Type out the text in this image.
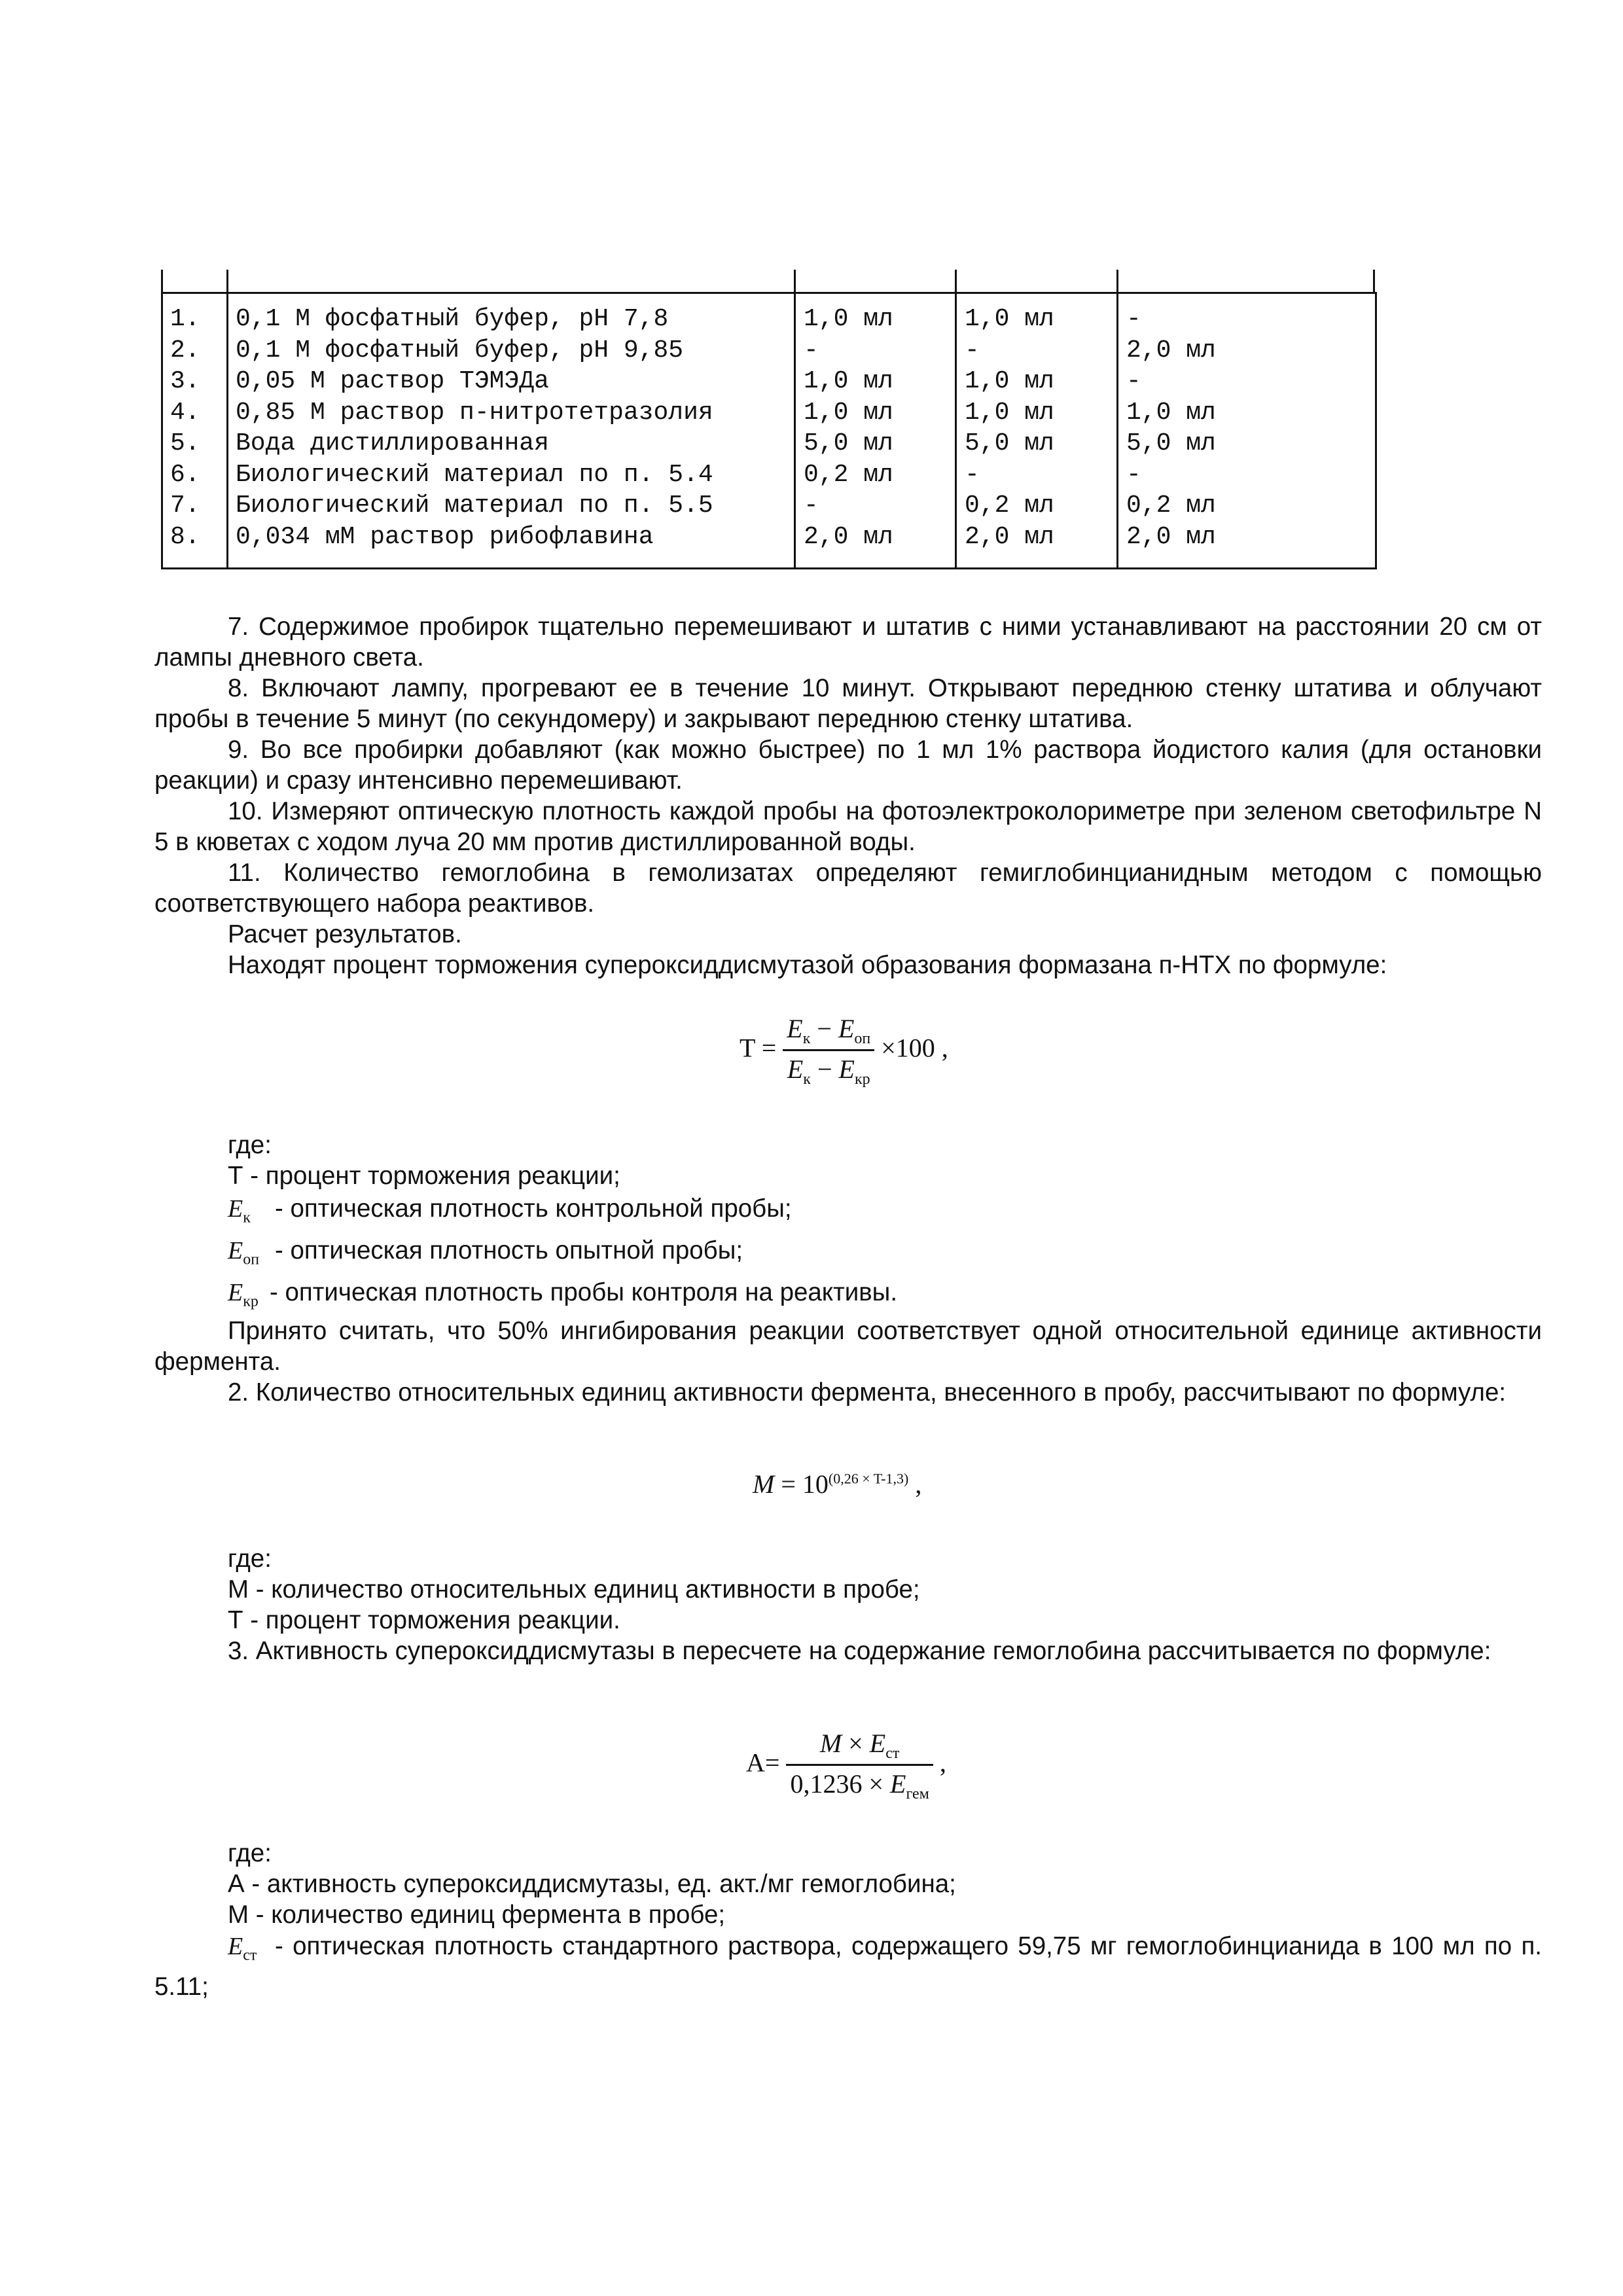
1.
2.
3.
4.
5.
6.
7.
8.
0,1 М фосфатный буфер, pH 7,8
0,1 М фосфатный буфер, pH 9,85
0,05 М раствор ТЭМЭДа
0,85 М раствор п-нитротетразолия
Вода дистиллированная
Биологический материал по п. 5.4
Биологический материал по п. 5.5
0,034 мМ раствор рибофлавина
1,0 мл
-
1,0 мл
1,0 мл
5,0 мл
0,2 мл
-
2,0 мл
1,0 мл
-
1,0 мл
1,0 мл
5,0 мл
-
0,2 мл
2,0 мл
-
2,0 мл
-
1,0 мл
5,0 мл
-
0,2 мл
2,0 мл
7. Содержимое пробирок тщательно перемешивают и штатив с ними устанавливают на расстоянии 20 см от лампы дневного света.
8. Включают лампу, прогревают ее в течение 10 минут. Открывают переднюю стенку штатива и облучают пробы в течение 5 минут (по секундомеру) и закрывают переднюю стенку штатива.
9. Во все пробирки добавляют (как можно быстрее) по 1 мл 1% раствора йодистого калия (для остановки реакции) и сразу интенсивно перемешивают.
10. Измеряют оптическую плотность каждой пробы на фотоэлектроколориметре при зеленом светофильтре N 5 в кюветах с ходом луча 20 мм против дистиллированной воды.
11. Количество гемоглобина в гемолизатах определяют гемиглобинцианидным методом с помощью соответствующего набора реактивов.
Расчет результатов.
Находят процент торможения супероксиддисмутазой образования формазана п-НТХ по формуле:
$T = \frac{E_к - E_{оп}}{E_к - E_{кр}} \times 100$ ,
где:
Т - процент торможения реакции;
$E_к$ - оптическая плотность контрольной пробы;
$E_{оп}$ - оптическая плотность опытной пробы;
$E_{кр}$ - оптическая плотность пробы контроля на реактивы.
Принято считать, что 50% ингибирования реакции соответствует одной относительной единице активности фермента.
2. Количество относительных единиц активности фермента, внесенного в пробу, рассчитывают по формуле:
$M = 10^{(0,26 \times T-1,3)}$ ,
где:
М - количество относительных единиц активности в пробе;
Т - процент торможения реакции.
3. Активность супероксиддисмутазы в пересчете на содержание гемоглобина рассчитывается по формуле:
$A= \frac{M \times E_{ст}}{0,1236 \times E_{гем}}$ ,
где:
А - активность супероксиддисмутазы, ед. акт./мг гемоглобина;
М - количество единиц фермента в пробе;
$E_{ст}$ - оптическая плотность стандартного раствора, содержащего 59,75 мг гемоглобинцианида в 100 мл по п. 5.11;
